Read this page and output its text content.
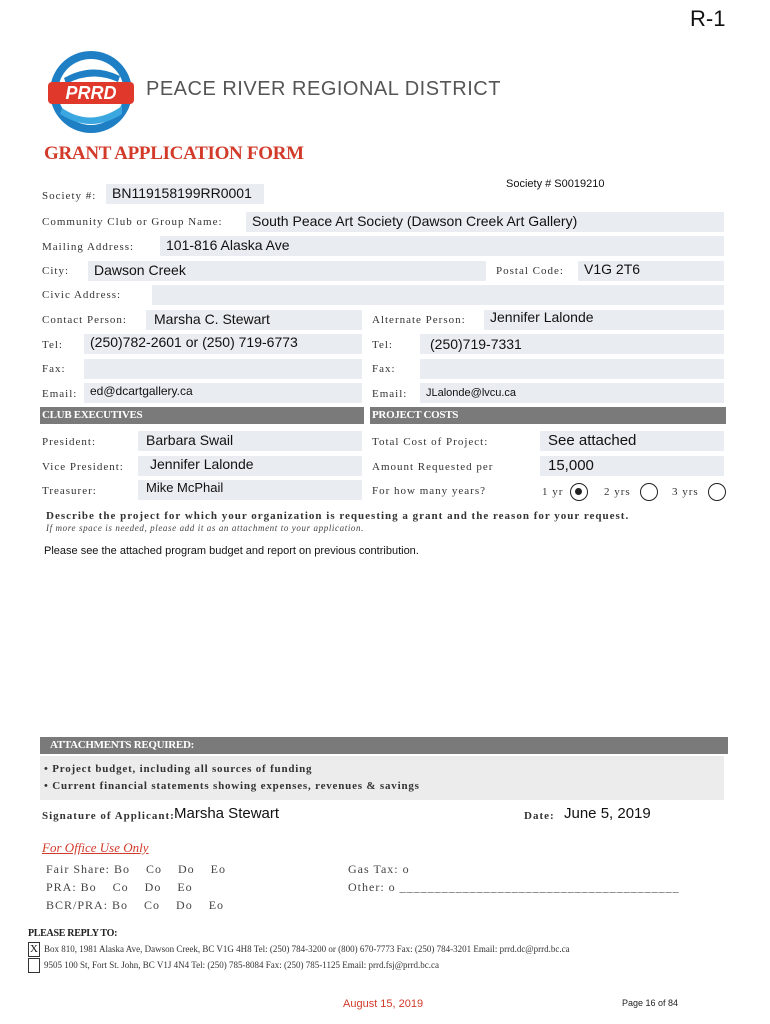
R-1
PRRD PEACE RIVER REGIONAL DISTRICT
GRANT APPLICATION FORM
Society #: BN119158199RR0001
Society # S0019210
Community Club or Group Name: South Peace Art Society (Dawson Creek Art Gallery)
Mailing Address: 101-816 Alaska Ave
City: Dawson Creek	Postal Code: V1G 2T6
Civic Address:
Contact Person: Marsha C. Stewart	Alternate Person: Jennifer Lalonde
Tel: (250)782-2601 or (250) 719-6773	Tel:	(250)719-7331
Fax:	Fax:
Email: ed@dcartgallery.ca	Email: JLalonde@lvcu.ca
CLUB EXECUTIVES	PROJECT COSTS
President:	Barbara Swail
Vice President: Jennifer Lalonde
Treasurer:	Mike McPhail
Total Cost of Project:	See attached
Amount Requested per	15,000
For how many years?	1 yr	2 yrs	3 yrs
Describe the project for which your organization is requesting a grant and the reason for your request.
If more space is needed, please add it as an attachment to your application.
Please see the attached program budget and report on previous contribution.
ATTACHMENTS REQUIRED:
• Project budget, including all sources of funding
• Current financial statements showing expenses, revenues & savings
Signature of Applicant: Marsha Stewart	Date: June 5, 2019
For Office Use Only
Fair Share: Bo    Co    Do    Eo
PRA: Bo    Co    Do    Eo
BCR/PRA: Bo    Co    Do    Eo
Gas Tax: o
Other: o ________________________________________
PLEASE REPLY TO:
X Box 810, 1981 Alaska Ave, Dawson Creek, BC V1G 4H8 Tel: (250) 784-3200 or (800) 670-7773 Fax: (250) 784-3201 Email: prrd.dc@prrd.bc.ca
9505 100 St, Fort St. John, BC V1J 4N4 Tel: (250) 785-8084 Fax: (250) 785-1125 Email: prrd.fsj@prrd.bc.ca
August 15, 2019	Page 16 of 84
